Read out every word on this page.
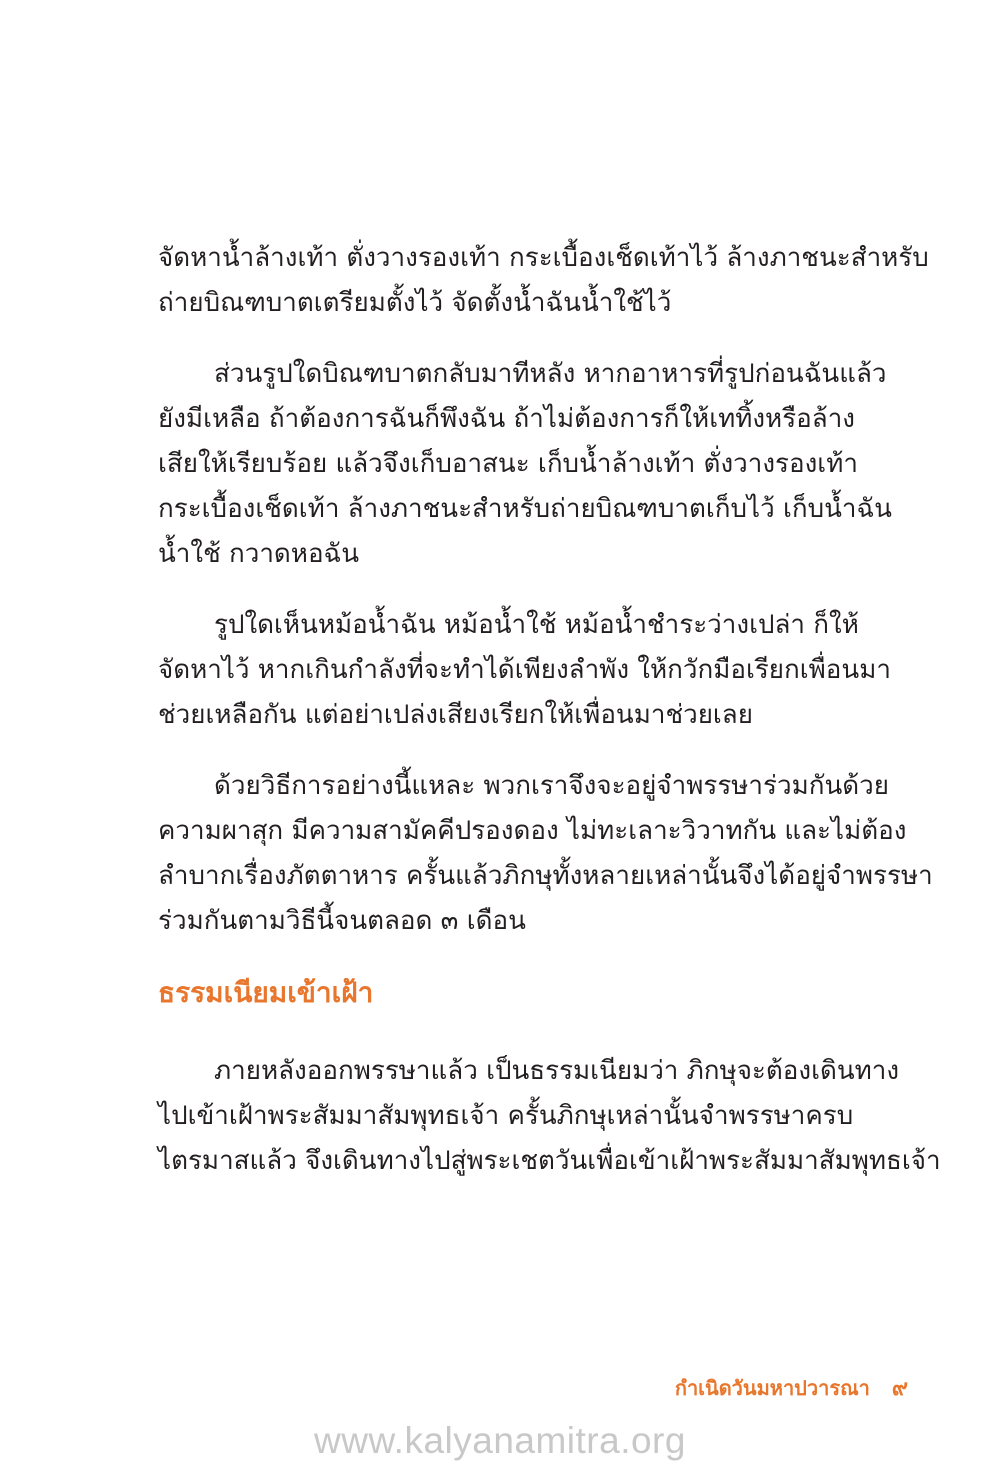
จัดหาน้ำล้างเท้า ตั่งวางรองเท้า กระเบื้องเช็ดเท้าไว้ ล้างภาชนะสำหรับ
ถ่ายบิณฑบาตเตรียมตั้งไว้ จัดตั้งน้ำฉันน้ำใช้ไว้

ส่วนรูปใดบิณฑบาตกลับมาทีหลัง หากอาหารที่รูปก่อนฉันแล้ว
ยังมีเหลือ ถ้าต้องการฉันก็พึงฉัน ถ้าไม่ต้องการก็ให้เททิ้งหรือล้าง
เสียให้เรียบร้อย แล้วจึงเก็บอาสนะ เก็บน้ำล้างเท้า ตั่งวางรองเท้า
กระเบื้องเช็ดเท้า ล้างภาชนะสำหรับถ่ายบิณฑบาตเก็บไว้ เก็บน้ำฉัน
น้ำใช้ กวาดหอฉัน

รูปใดเห็นหม้อน้ำฉัน หม้อน้ำใช้ หม้อน้ำชำระว่างเปล่า ก็ให้
จัดหาไว้ หากเกินกำลังที่จะทำได้เพียงลำพัง ให้กวักมือเรียกเพื่อนมา
ช่วยเหลือกัน แต่อย่าเปล่งเสียงเรียกให้เพื่อนมาช่วยเลย

ด้วยวิธีการอย่างนี้แหละ พวกเราจึงจะอยู่จำพรรษาร่วมกันด้วย
ความผาสุก มีความสามัคคีปรองดอง ไม่ทะเลาะวิวาทกัน และไม่ต้อง
ลำบากเรื่องภัตตาหาร ครั้นแล้วภิกษุทั้งหลายเหล่านั้นจึงได้อยู่จำพรรษา
ร่วมกันตามวิธีนี้จนตลอด ๓ เดือน

ธรรมเนียมเข้าเฝ้า

ภายหลังออกพรรษาแล้ว เป็นธรรมเนียมว่า ภิกษุจะต้องเดินทาง
ไปเข้าเฝ้าพระสัมมาสัมพุทธเจ้า ครั้นภิกษุเหล่านั้นจำพรรษาครบ
ไตรมาสแล้ว จึงเดินทางไปสู่พระเชตวันเพื่อเข้าเฝ้าพระสัมมาสัมพุทธเจ้า

กำเนิดวันมหาปวารณา ๙
www.kalyanamitra.org
